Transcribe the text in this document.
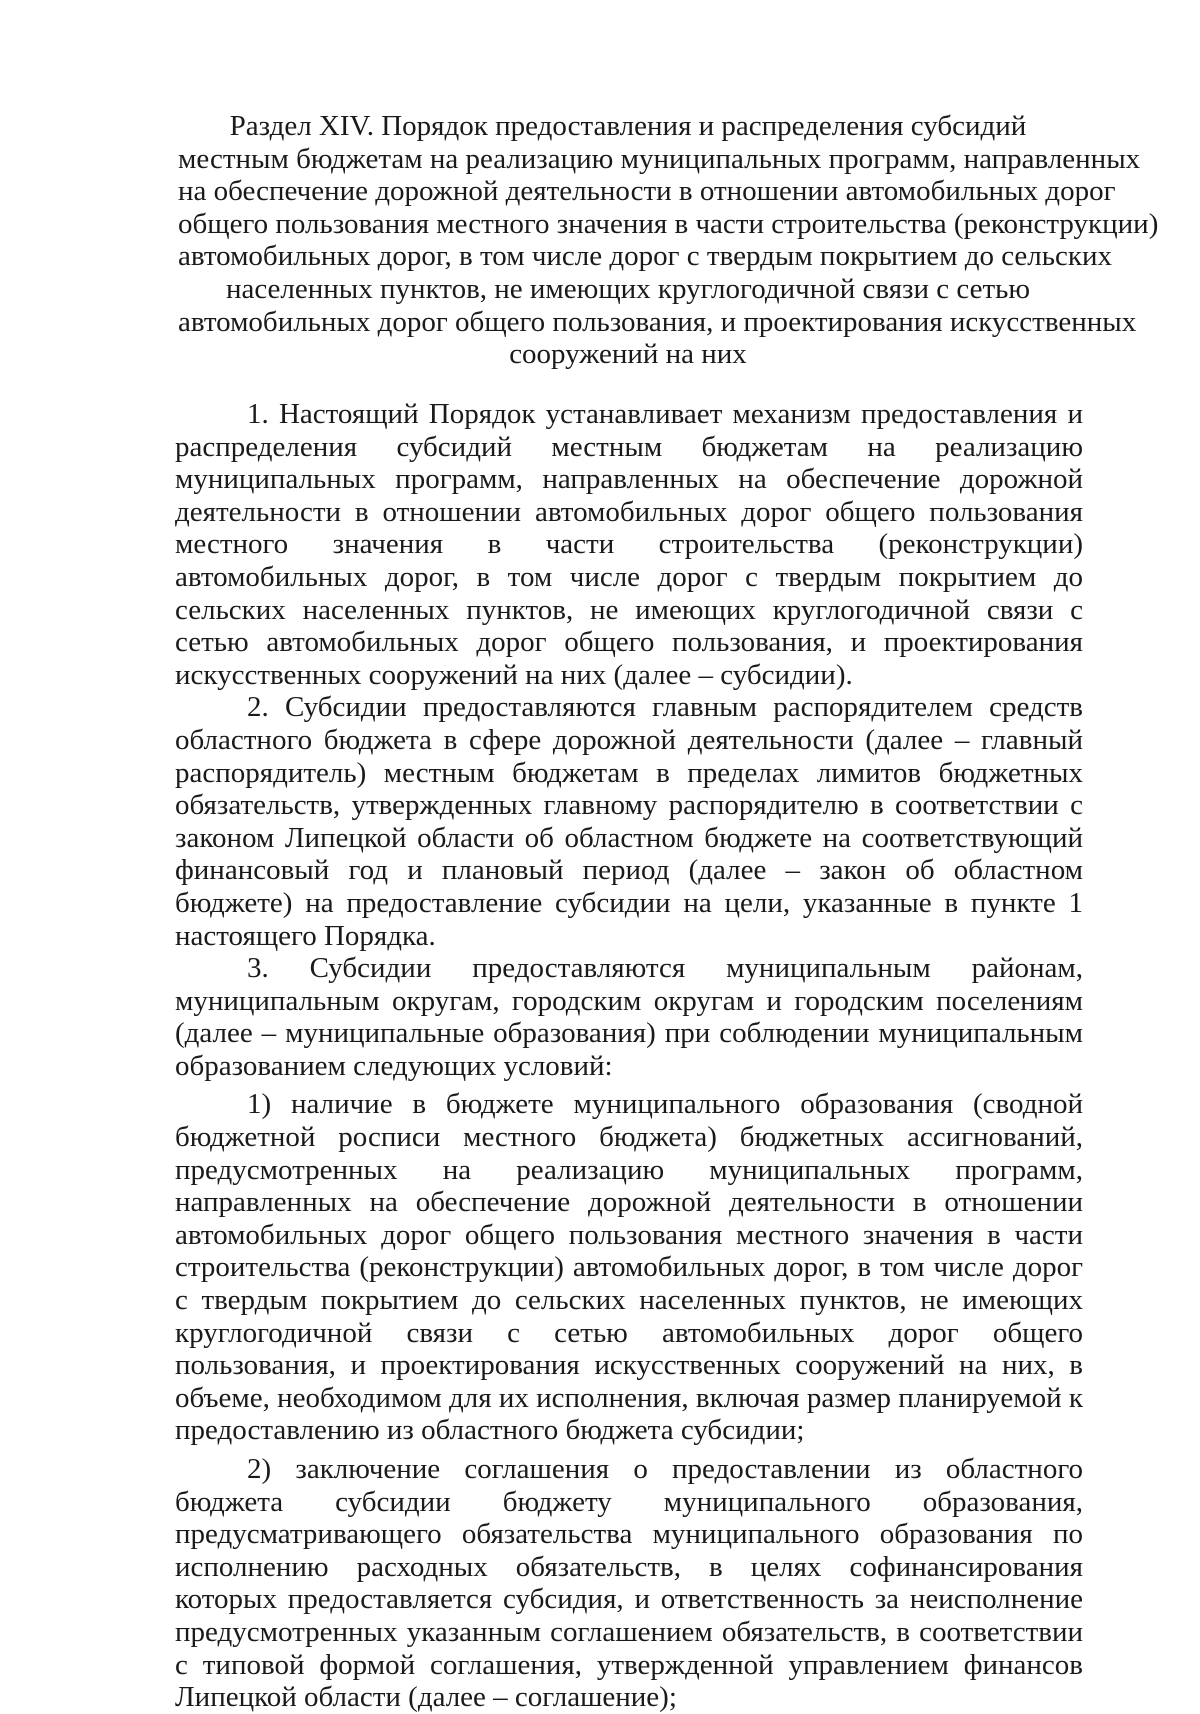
Раздел XIV. Порядок предоставления и распределения субсидий
местным бюджетам на реализацию муниципальных программ, направленных
на обеспечение дорожной деятельности в отношении автомобильных дорог
общего пользования местного значения в части строительства (реконструкции)
автомобильных дорог, в том числе дорог с твердым покрытием до сельских
населенных пунктов, не имеющих круглогодичной связи с сетью
автомобильных дорог общего пользования, и проектирования искусственных
сооружений на них

1. Настоящий Порядок устанавливает механизм предоставления и распределения субсидий местным бюджетам на реализацию муниципальных программ, направленных на обеспечение дорожной деятельности в отношении автомобильных дорог общего пользования местного значения в части строительства (реконструкции) автомобильных дорог, в том числе дорог с твердым покрытием до сельских населенных пунктов, не имеющих круглогодичной связи с сетью автомобильных дорог общего пользования, и проектирования искусственных сооружений на них (далее – субсидии).

2. Субсидии предоставляются главным распорядителем средств областного бюджета в сфере дорожной деятельности (далее – главный распорядитель) местным бюджетам в пределах лимитов бюджетных обязательств, утвержденных главному распорядителю в соответствии с законом Липецкой области об областном бюджете на соответствующий финансовый год и плановый период (далее – закон об областном бюджете) на предоставление субсидии на цели, указанные в пункте 1 настоящего Порядка.

3. Субсидии предоставляются муниципальным районам, муниципальным округам, городским округам и городским поселениям (далее – муниципальные образования) при соблюдении муниципальным образованием следующих условий:

1) наличие в бюджете муниципального образования (сводной бюджетной росписи местного бюджета) бюджетных ассигнований, предусмотренных на реализацию муниципальных программ, направленных на обеспечение дорожной деятельности в отношении автомобильных дорог общего пользования местного значения в части строительства (реконструкции) автомобильных дорог, в том числе дорог с твердым покрытием до сельских населенных пунктов, не имеющих круглогодичной связи с сетью автомобильных дорог общего пользования, и проектирования искусственных сооружений на них, в объеме, необходимом для их исполнения, включая размер планируемой к предоставлению из областного бюджета субсидии;

2) заключение соглашения о предоставлении из областного бюджета субсидии бюджету муниципального образования, предусматривающего обязательства муниципального образования по исполнению расходных обязательств, в целях софинансирования которых предоставляется субсидия, и ответственность за неисполнение предусмотренных указанным соглашением обязательств, в соответствии с типовой формой соглашения, утвержденной управлением финансов Липецкой области (далее – соглашение);
